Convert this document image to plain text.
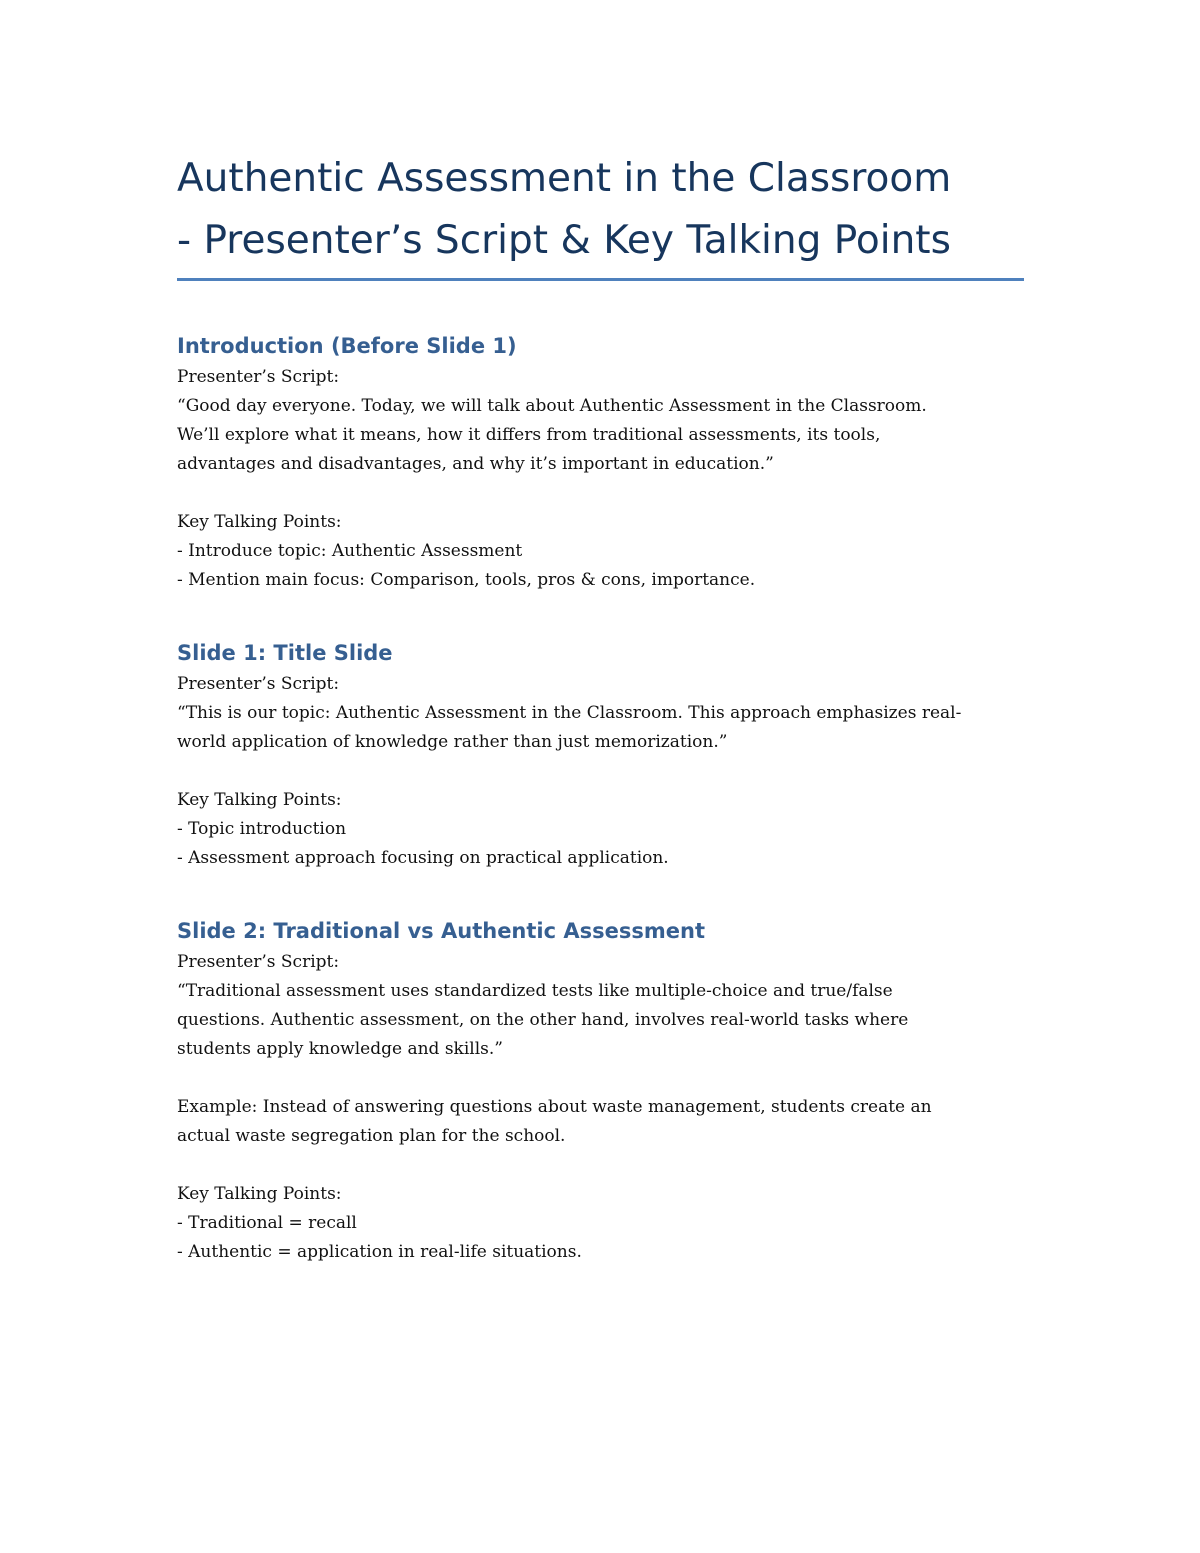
Authentic Assessment in the Classroom
- Presenter’s Script & Key Talking Points
Introduction (Before Slide 1)

Presenter’s Script:
“Good day everyone. Today, we will talk about Authentic Assessment in the Classroom.
We’ll explore what it means, how it differs from traditional assessments, its tools,
advantages and disadvantages, and why it’s important in education.”

Key Talking Points:
- Introduce topic: Authentic Assessment
- Mention main focus: Comparison, tools, pros & cons, importance.

Slide 1: Title Slide

Presenter’s Script:
“This is our topic: Authentic Assessment in the Classroom. This approach emphasizes real-
world application of knowledge rather than just memorization.”

Key Talking Points:
- Topic introduction
- Assessment approach focusing on practical application.

Slide 2: Traditional vs Authentic Assessment

Presenter’s Script:
“Traditional assessment uses standardized tests like multiple-choice and true/false
questions. Authentic assessment, on the other hand, involves real-world tasks where
students apply knowledge and skills.”

Example: Instead of answering questions about waste management, students create an
actual waste segregation plan for the school.

Key Talking Points:
- Traditional = recall
- Authentic = application in real-life situations.
